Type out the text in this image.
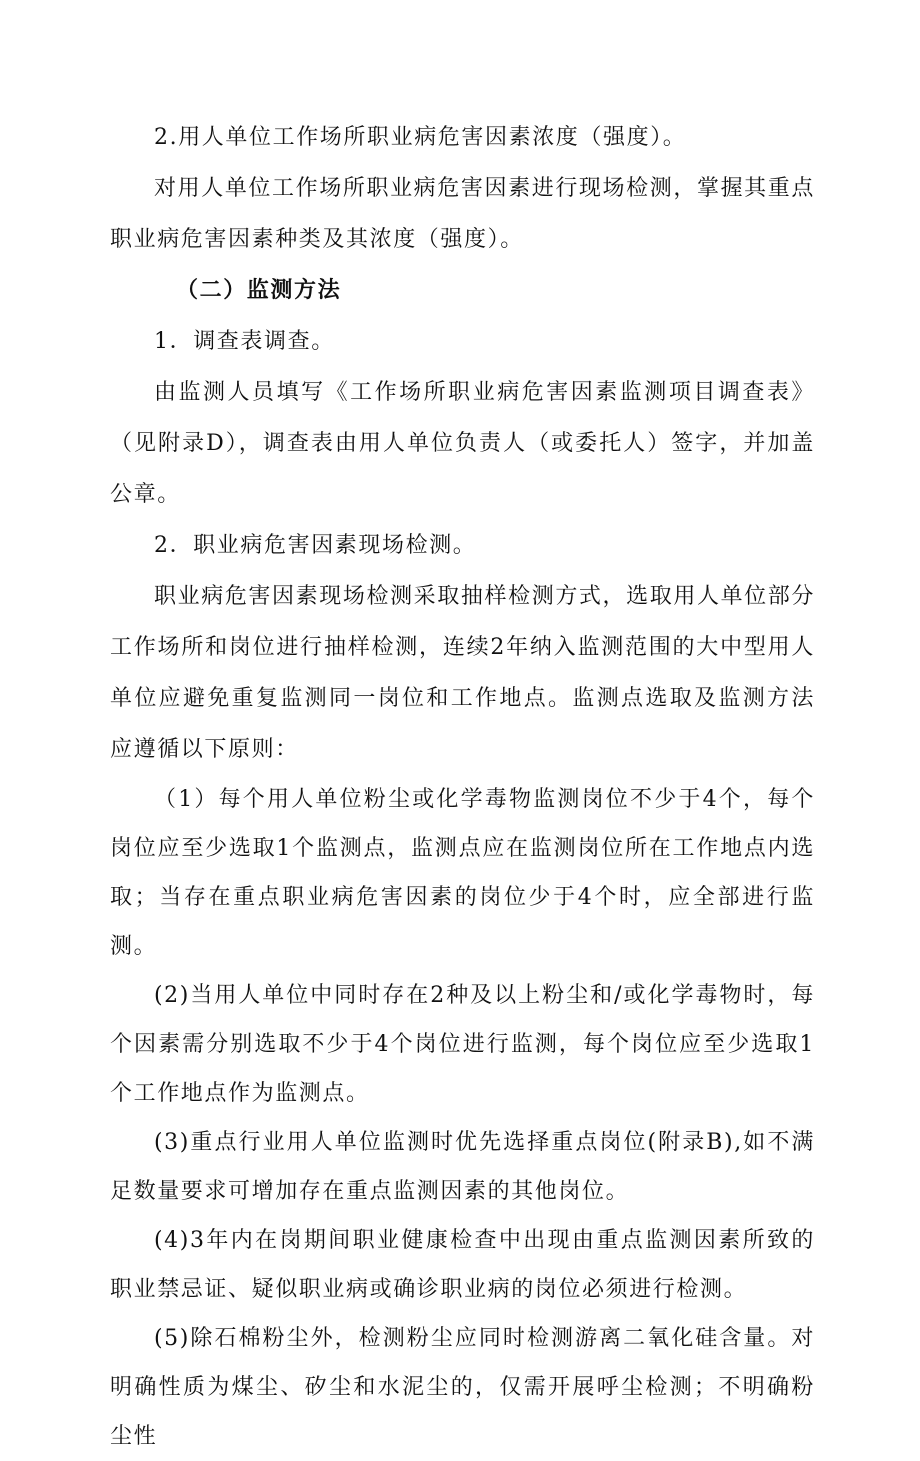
2.用人单位工作场所职业病危害因素浓度（强度）。

对用人单位工作场所职业病危害因素进行现场检测，掌握其重点职业病危害因素种类及其浓度（强度）。

（二）监测方法

1．调查表调查。

由监测人员填写《工作场所职业病危害因素监测项目调查表》（见附录D），调查表由用人单位负责人（或委托人）签字，并加盖公章。

2．职业病危害因素现场检测。

职业病危害因素现场检测采取抽样检测方式，选取用人单位部分工作场所和岗位进行抽样检测，连续2年纳入监测范围的大中型用人单位应避免重复监测同一岗位和工作地点。监测点选取及监测方法应遵循以下原则：

（1）每个用人单位粉尘或化学毒物监测岗位不少于4个，每个岗位应至少选取1个监测点，监测点应在监测岗位所在工作地点内选取；当存在重点职业病危害因素的岗位少于4个时，应全部进行监测。

(2)当用人单位中同时存在2种及以上粉尘和/或化学毒物时，每个因素需分别选取不少于4个岗位进行监测，每个岗位应至少选取1个工作地点作为监测点。

(3)重点行业用人单位监测时优先选择重点岗位(附录B),如不满足数量要求可增加存在重点监测因素的其他岗位。

(4)3年内在岗期间职业健康检查中出现由重点监测因素所致的职业禁忌证、疑似职业病或确诊职业病的岗位必须进行检测。

(5)除石棉粉尘外，检测粉尘应同时检测游离二氧化硅含量。对明确性质为煤尘、矽尘和水泥尘的，仅需开展呼尘检测；不明确粉尘性
